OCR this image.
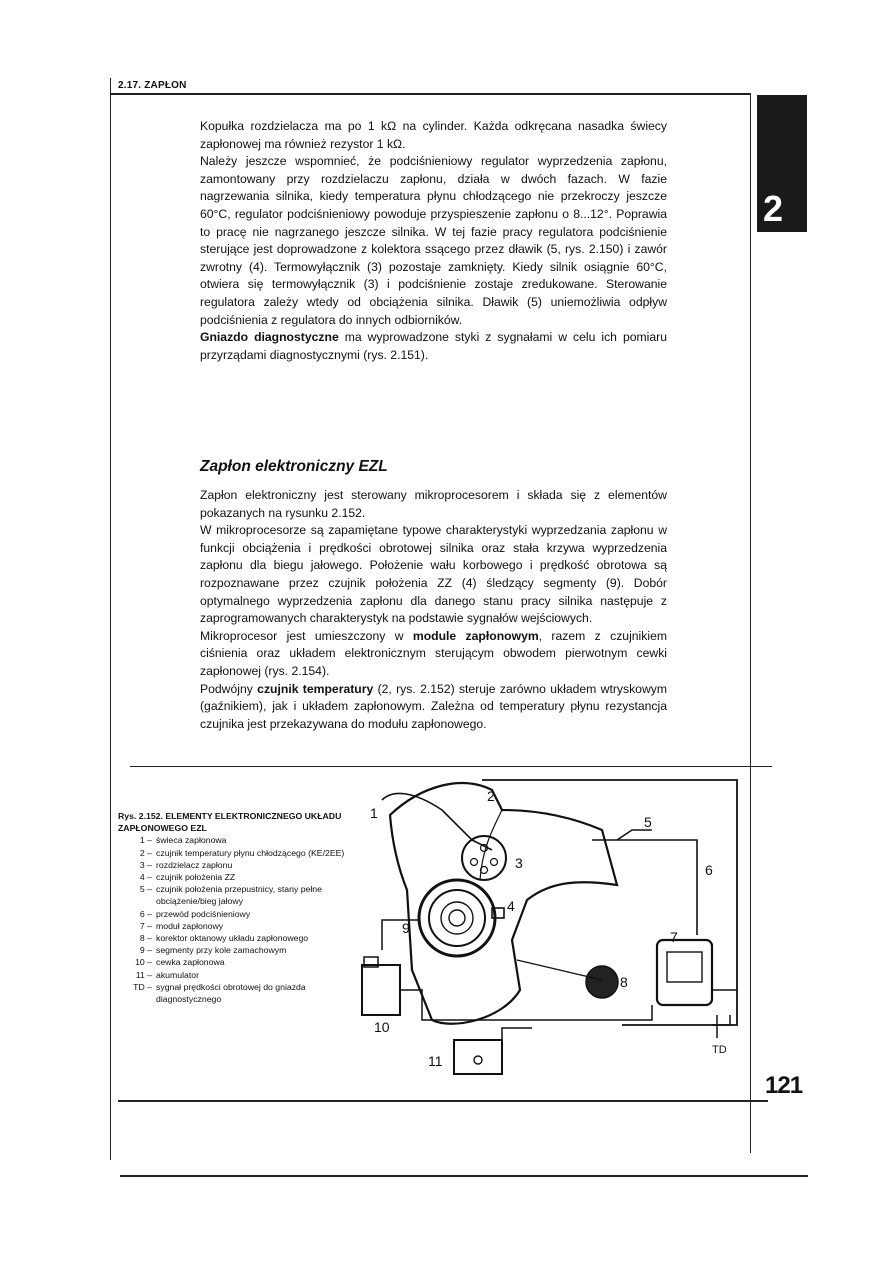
2.17. ZAPŁON
2

Kopułka rozdzielacza ma po 1 kΩ na cylinder. Każda odkręcana nasadka świecy zapłonowej ma również rezystor 1 kΩ.

Należy jeszcze wspomnieć, że podciśnieniowy regulator wyprzedzenia zapłonu, zamontowany przy rozdzielaczu zapłonu, działa w dwóch fazach. W fazie nagrzewania silnika, kiedy temperatura płynu chłodzącego nie przekroczy jeszcze 60°C, regulator podciśnieniowy powoduje przyspieszenie zapłonu o 8...12°. Poprawia to pracę nie nagrzanego jeszcze silnika. W tej fazie pracy regulatora podciśnienie sterujące jest doprowadzone z kolektora ssącego przez dławik (5, rys. 2.150) i zawór zwrotny (4). Termowyłącznik (3) pozostaje zamknięty. Kiedy silnik osiągnie 60°C, otwiera się termowyłącznik (3) i podciśnienie zostaje zredukowane. Sterowanie regulatora zależy wtedy od obciążenia silnika. Dławik (5) uniemożliwia odpływ podciśnienia z regulatora do innych odbiorników.

Gniazdo diagnostyczne ma wyprowadzone styki z sygnałami w celu ich pomiaru przyrządami diagnostycznymi (rys. 2.151).

Zapłon elektroniczny EZL

Zapłon elektroniczny jest sterowany mikroprocesorem i składa się z elementów pokazanych na rysunku 2.152.

W mikroprocesorze są zapamiętane typowe charakterystyki wyprzedzania zapłonu w funkcji obciążenia i prędkości obrotowej silnika oraz stała krzywa wyprzedzenia zapłonu dla biegu jałowego. Położenie wału korbowego i prędkość obrotowa są rozpoznawane przez czujnik położenia ZZ (4) śledzący segmenty (9). Dobór optymalnego wyprzedzenia zapłonu dla danego stanu pracy silnika następuje z zaprogramowanych charakterystyk na podstawie sygnałów wejściowych.

Mikroprocesor jest umieszczony w module zapłonowym, razem z czujnikiem ciśnienia oraz układem elektronicznym sterującym obwodem pierwotnym cewki zapłonowej (rys. 2.154).

Podwójny czujnik temperatury (2, rys. 2.152) steruje zarówno układem wtryskowym (gaźnikiem), jak i układem zapłonowym. Zależna od temperatury płynu rezystancja czujnika jest przekazywana do modułu zapłonowego.

Rys. 2.152. ELEMENTY ELEKTRONICZNEGO UKŁADU ZAPŁONOWEGO EZL
1 – świeca zapłonowa
2 – czujnik temperatury płynu chłodzącego (KE/2EE)
3 – rozdzielacz zapłonu
4 – czujnik położenia ZZ
5 – czujnik położenia przepustnicy, stany pełne obciążenie/bieg jałowy
6 – przewód podciśnieniowy
7 – moduł zapłonowy
8 – korektor oktanowy układu zapłonowego
9 – segmenty przy kole zamachowym
10 – cewka zapłonowa
11 – akumulator
TD – sygnał prędkości obrotowej do gniazda diagnostycznego
1
2
3
4
5
6
7
8
9
10
11
TD
121
